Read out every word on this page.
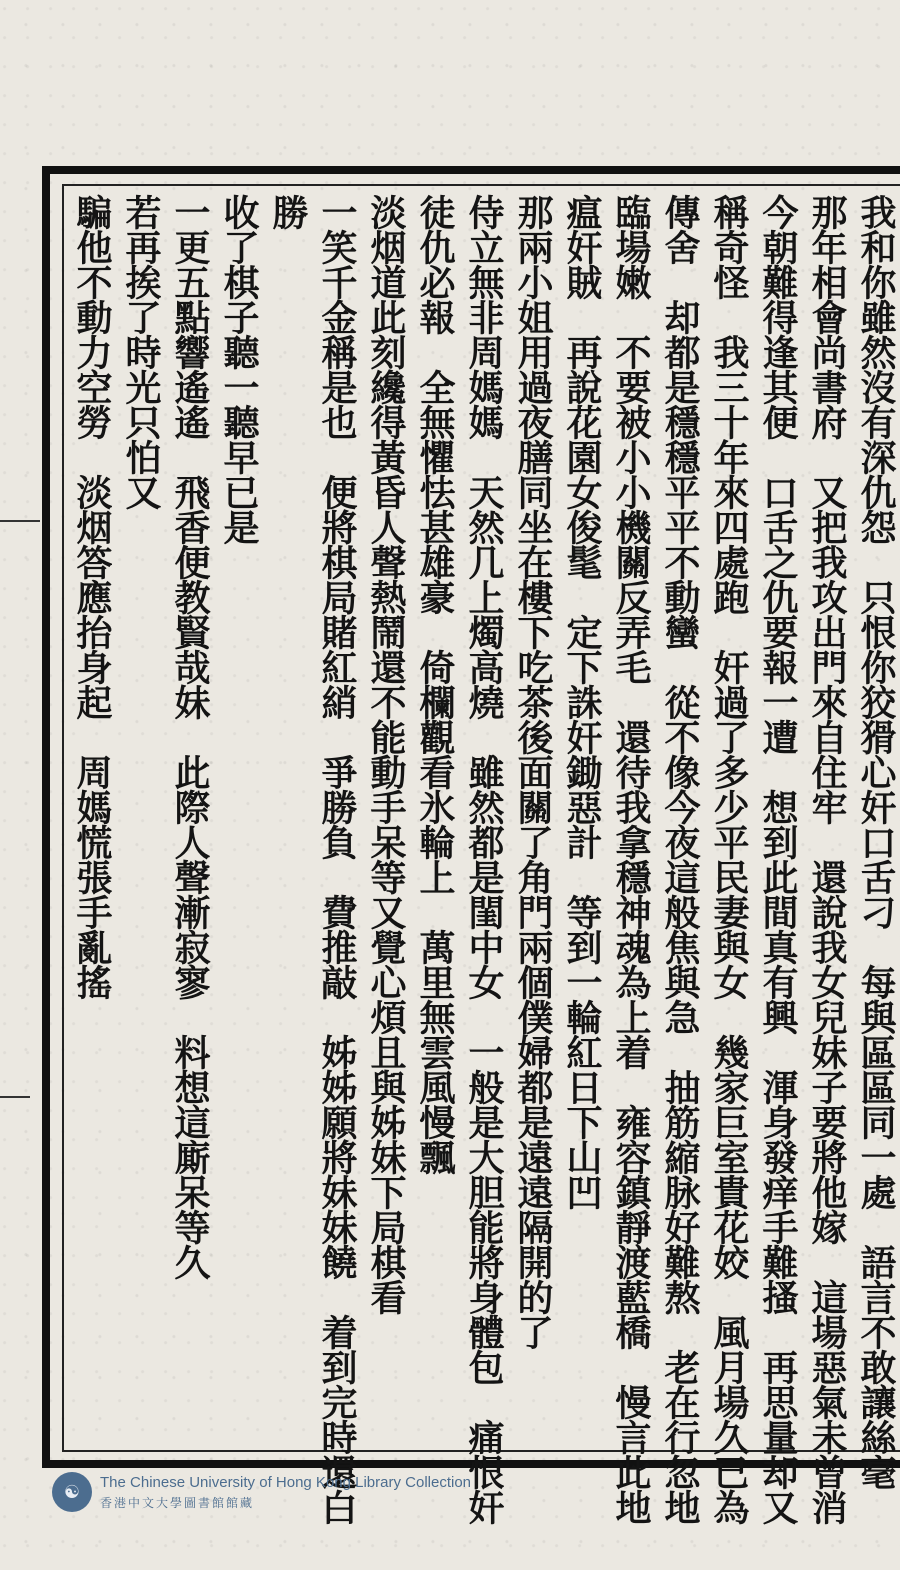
我和你雖然沒有深仇怨　只恨你狡猾心奸口舌刁　每與區區同一處　語言不敢讓絲毫
那年相會尚書府　又把我攻出門來自住牢　還說我女兒妹子要將他嫁　這場惡氣未曾消
今朝難得逢其便　口舌之仇要報一遭　想到此間真有興　渾身發痒手難搔　再思量却又
稱奇怪　我三十年來四處跑　奸過了多少平民妻與女　幾家巨室貴花姣　風月場久已為
傳舍　却都是穩穩平平不動蠻　從不像今夜這般焦與急　抽筋縮脉好難熬　老在行忽地
臨場嫩　不要被小小機關反弄毛　還待我拿穩神魂為上着　雍容鎮靜渡藍橋　慢言此地
瘟奸賊　再說花園女俊髦　定下誅奸鋤惡計　等到一輪紅日下山凹
那兩小姐用過夜膳同坐在樓下吃茶後面關了角門兩個僕婦都是遠遠隔開的了
侍立無非周媽媽　天然几上燭高燒　雖然都是閨中女　一般是大胆能將身體包　痛恨奸
徒仇必報　全無懼怯甚雄豪　倚欄觀看氷輪上　萬里無雲風慢飄
淡烟道此刻纔得黃昏人聲熱鬧還不能動手呆等又覺心煩且與姊妹下局棋看
一笑千金稱是也　便將棋局賭紅綃　爭勝負　費推敲　姊姊願將妹妹饒　着到完時還白
勝
收了棋子聽一聽早已是
一更五點響遙遙　飛香便教賢哉妹　此際人聲漸寂寥　料想這廝呆等久
若再挨了時光只怕又
騙他不動力空勞　淡烟答應抬身起　周媽慌張手亂搖
☯	The Chinese University of Hong Kong Library Collection
香港中文大學圖書館館藏
